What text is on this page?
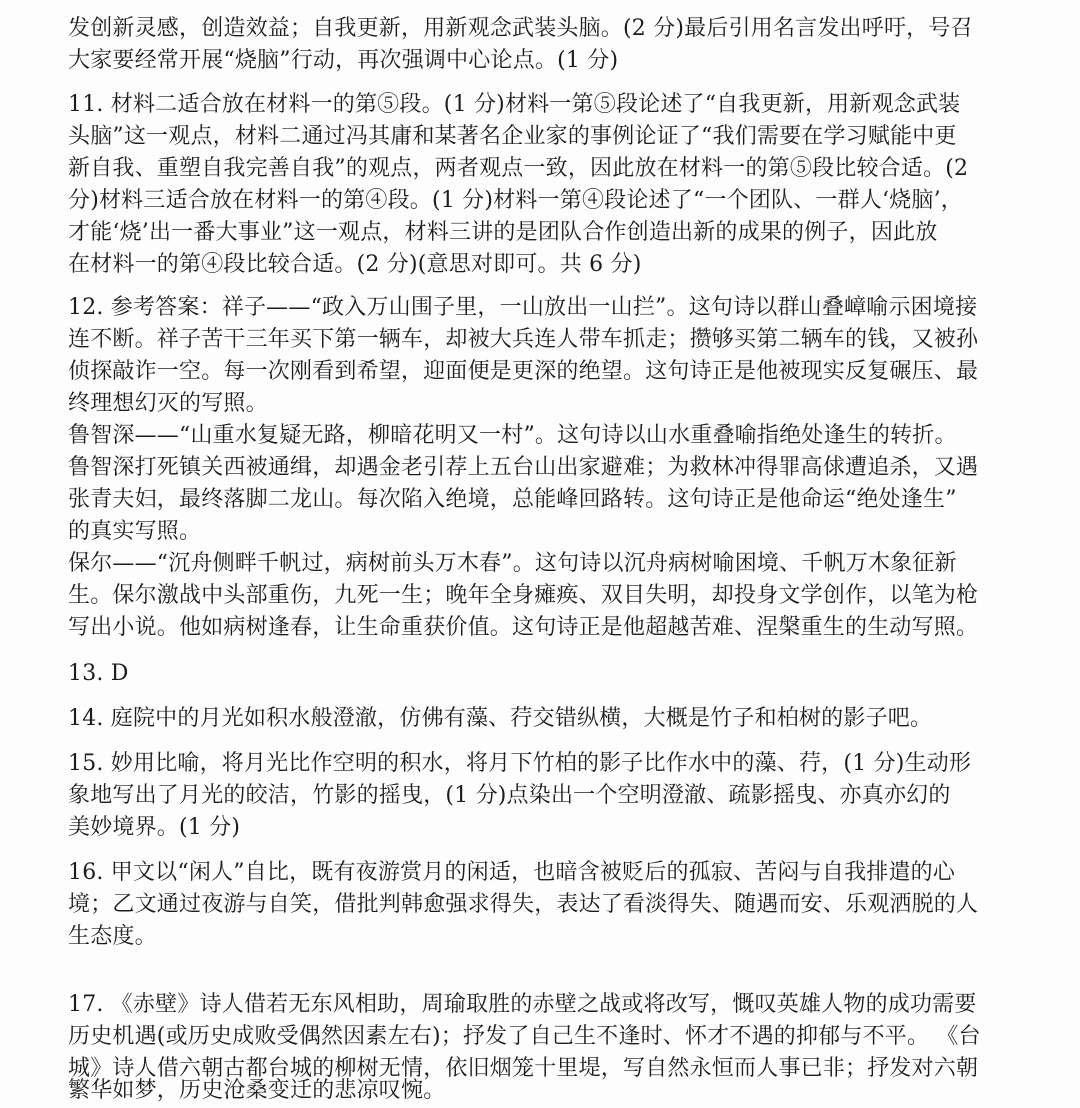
发创新灵感，创造效益；自我更新，用新观念武装头脑。(2 分)最后引用名言发出呼吁，号召
大家要经常开展“烧脑”行动，再次强调中心论点。(1 分)
11. 材料二适合放在材料一的第⑤段。(1 分)材料一第⑤段论述了“自我更新，用新观念武装
头脑”这一观点，材料二通过冯其庸和某著名企业家的事例论证了“我们需要在学习赋能中更
新自我、重塑自我完善自我”的观点，两者观点一致，因此放在材料一的第⑤段比较合适。(2
分)材料三适合放在材料一的第④段。(1 分)材料一第④段论述了“一个团队、一群人‘烧脑’，
才能‘烧’出一番大事业”这一观点，材料三讲的是团队合作创造出新的成果的例子，因此放
在材料一的第④段比较合适。(2 分)(意思对即可。共 6 分)
12. 参考答案：祥子——“政入万山围子里，一山放出一山拦”。这句诗以群山叠嶂喻示困境接
连不断。祥子苦干三年买下第一辆车，却被大兵连人带车抓走；攒够买第二辆车的钱，又被孙
侦探敲诈一空。每一次刚看到希望，迎面便是更深的绝望。这句诗正是他被现实反复碾压、最
终理想幻灭的写照。
鲁智深——“山重水复疑无路，柳暗花明又一村”。这句诗以山水重叠喻指绝处逢生的转折。
鲁智深打死镇关西被通缉，却遇金老引荐上五台山出家避难；为救林冲得罪高俅遭追杀，又遇
张青夫妇，最终落脚二龙山。每次陷入绝境，总能峰回路转。这句诗正是他命运“绝处逢生”
的真实写照。
保尔——“沉舟侧畔千帆过，病树前头万木春”。这句诗以沉舟病树喻困境、千帆万木象征新
生。保尔激战中头部重伤，九死一生；晚年全身瘫痪、双目失明，却投身文学创作，以笔为枪
写出小说。他如病树逢春，让生命重获价值。这句诗正是他超越苦难、涅槃重生的生动写照。
13. D
14. 庭院中的月光如积水般澄澈，仿佛有藻、荇交错纵横，大概是竹子和柏树的影子吧。
15. 妙用比喻，将月光比作空明的积水，将月下竹柏的影子比作水中的藻、荇，(1 分)生动形
象地写出了月光的皎洁，竹影的摇曳，(1 分)点染出一个空明澄澈、疏影摇曳、亦真亦幻的
美妙境界。(1 分)
16. 甲文以“闲人”自比，既有夜游赏月的闲适，也暗含被贬后的孤寂、苦闷与自我排遣的心
境；乙文通过夜游与自笑，借批判韩愈强求得失，表达了看淡得失、随遇而安、乐观洒脱的人
生态度。
17. 《赤壁》诗人借若无东风相助，周瑜取胜的赤壁之战或将改写，慨叹英雄人物的成功需要
历史机遇(或历史成败受偶然因素左右)；抒发了自己生不逢时、怀才不遇的抑郁与不平。 《台
城》诗人借六朝古都台城的柳树无情，依旧烟笼十里堤，写自然永恒而人事已非；抒发对六朝
繁华如梦，历史沧桑变迁的悲凉叹惋。
